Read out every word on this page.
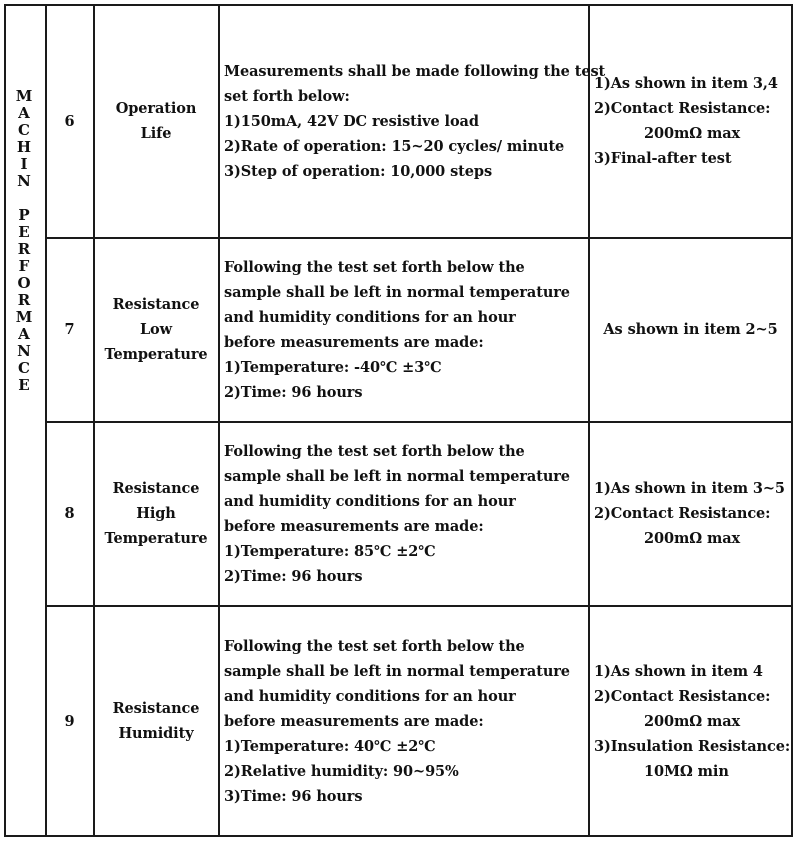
M
A
C
H
I
N
P
E
R
F
O
R
M
A
N
C
E
6
Operation
Life
Measurements shall be made following the test
set forth below:
1)150mA, 42V DC resistive load
2)Rate of operation: 15~20 cycles/ minute
3)Step of operation: 10,000 steps
1)As shown in item 3,4
2)Contact Resistance:
200mΩ max
3)Final-after test
7
Resistance
Low
Temperature
Following the test set forth below the
sample shall be left in normal temperature
and humidity conditions for an hour
before measurements are made:
1)Temperature: -40℃ ±3℃
2)Time: 96 hours
As shown in item 2~5
8
Resistance
High
Temperature
Following the test set forth below the
sample shall be left in normal temperature
and humidity conditions for an hour
before measurements are made:
1)Temperature: 85℃ ±2℃
2)Time: 96 hours
1)As shown in item 3~5
2)Contact Resistance:
200mΩ max
9
Resistance
Humidity
Following the test set forth below the
sample shall be left in normal temperature
and humidity conditions for an hour
before measurements are made:
1)Temperature: 40℃ ±2℃
2)Relative humidity: 90~95%
3)Time: 96 hours
1)As shown in item 4
2)Contact Resistance:
200mΩ max
3)Insulation Resistance:
10MΩ min
